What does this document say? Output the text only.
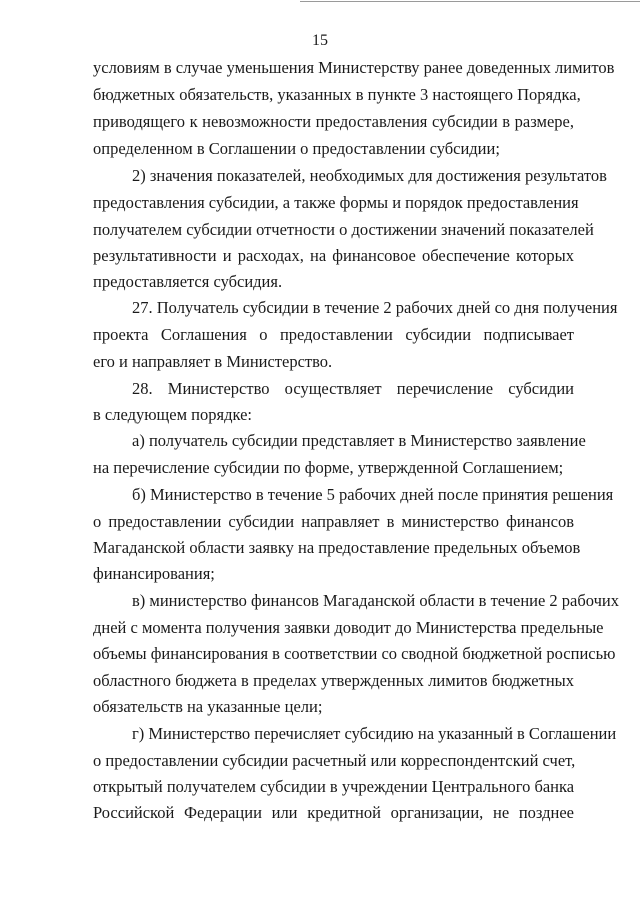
15
условиям в случае уменьшения Министерству ранее доведенных лимитов
бюджетных обязательств, указанных в пункте 3 настоящего Порядка,
приводящего к невозможности предоставления субсидии в размере,
определенном в Соглашении о предоставлении субсидии;
2) значения показателей, необходимых для достижения результатов
предоставления субсидии, а также формы и порядок предоставления
получателем субсидии отчетности о достижении значений показателей
результативности и расходах, на финансовое обеспечение которых
предоставляется субсидия.
27. Получатель субсидии в течение 2 рабочих дней со дня получения
проекта Соглашения о предоставлении субсидии подписывает
его и направляет в Министерство.
28. Министерство осуществляет перечисление субсидии
в следующем порядке:
а) получатель субсидии представляет в Министерство заявление
на перечисление субсидии по форме, утвержденной Соглашением;
б) Министерство в течение 5 рабочих дней после принятия решения
о предоставлении субсидии направляет в министерство финансов
Магаданской области заявку на предоставление предельных объемов
финансирования;
в) министерство финансов Магаданской области в течение 2 рабочих
дней с момента получения заявки доводит до Министерства предельные
объемы финансирования в соответствии со сводной бюджетной росписью
областного бюджета в пределах утвержденных лимитов бюджетных
обязательств на указанные цели;
г) Министерство перечисляет субсидию на указанный в Соглашении
о предоставлении субсидии расчетный или корреспондентский счет,
открытый получателем субсидии в учреждении Центрального банка
Российской Федерации или кредитной организации, не позднее
